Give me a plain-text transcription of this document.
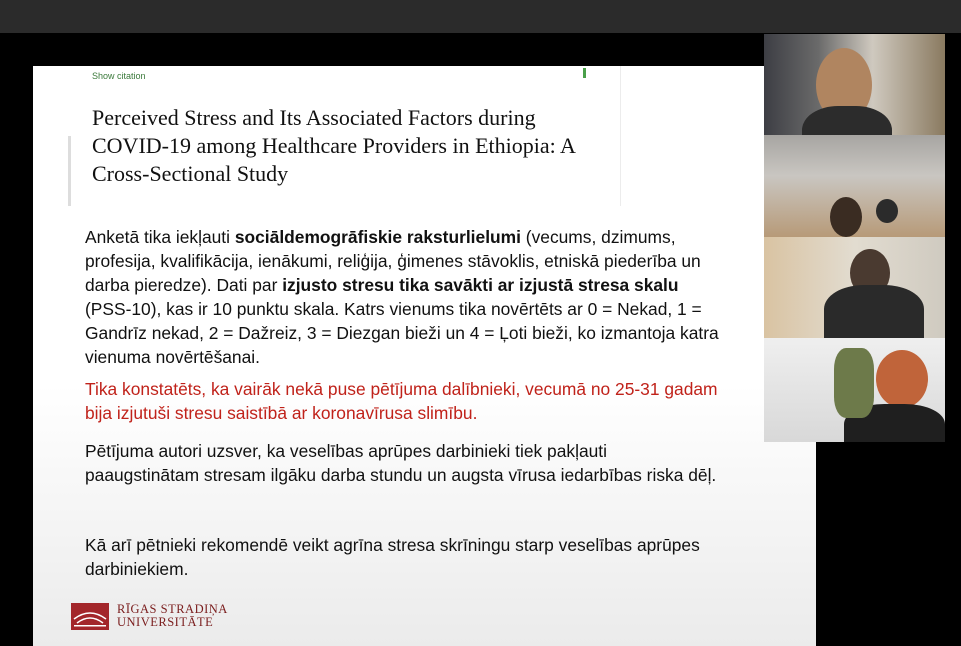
Show citation
Perceived Stress and Its Associated Factors during COVID-19 among Healthcare Providers in Ethiopia: A Cross-Sectional Study
Anketā tika iekļauti sociāldemogrāfiskie raksturlielumi (vecums, dzimums, profesija, kvalifikācija, ienākumi, reliģija, ģimenes stāvoklis, etniskā piederība un darba pieredze). Dati par izjusto stresu tika savākti ar izjustā stresa skalu (PSS-10), kas ir 10 punktu skala. Katrs vienums tika novērtēts ar 0 = Nekad, 1 = Gandrīz nekad, 2 = Dažreiz, 3 = Diezgan bieži un 4 = Ļoti bieži, ko izmantoja katra vienuma novērtēšanai.
Tika konstatēts, ka vairāk nekā puse pētījuma dalībnieki, vecumā no 25-31 gadam bija izjutuši stresu saistībā ar koronavīrusa slimību.
Pētījuma autori uzsver, ka veselības aprūpes darbinieki tiek pakļauti paaugstinātam stresam ilgāku darba stundu un augsta vīrusa iedarbības riska dēļ.
Kā arī pētnieki rekomendē veikt agrīna stresa skrīningu starp veselības aprūpes darbiniekiem.
RĪGAS STRADIŅA
UNIVERSITĀTE
